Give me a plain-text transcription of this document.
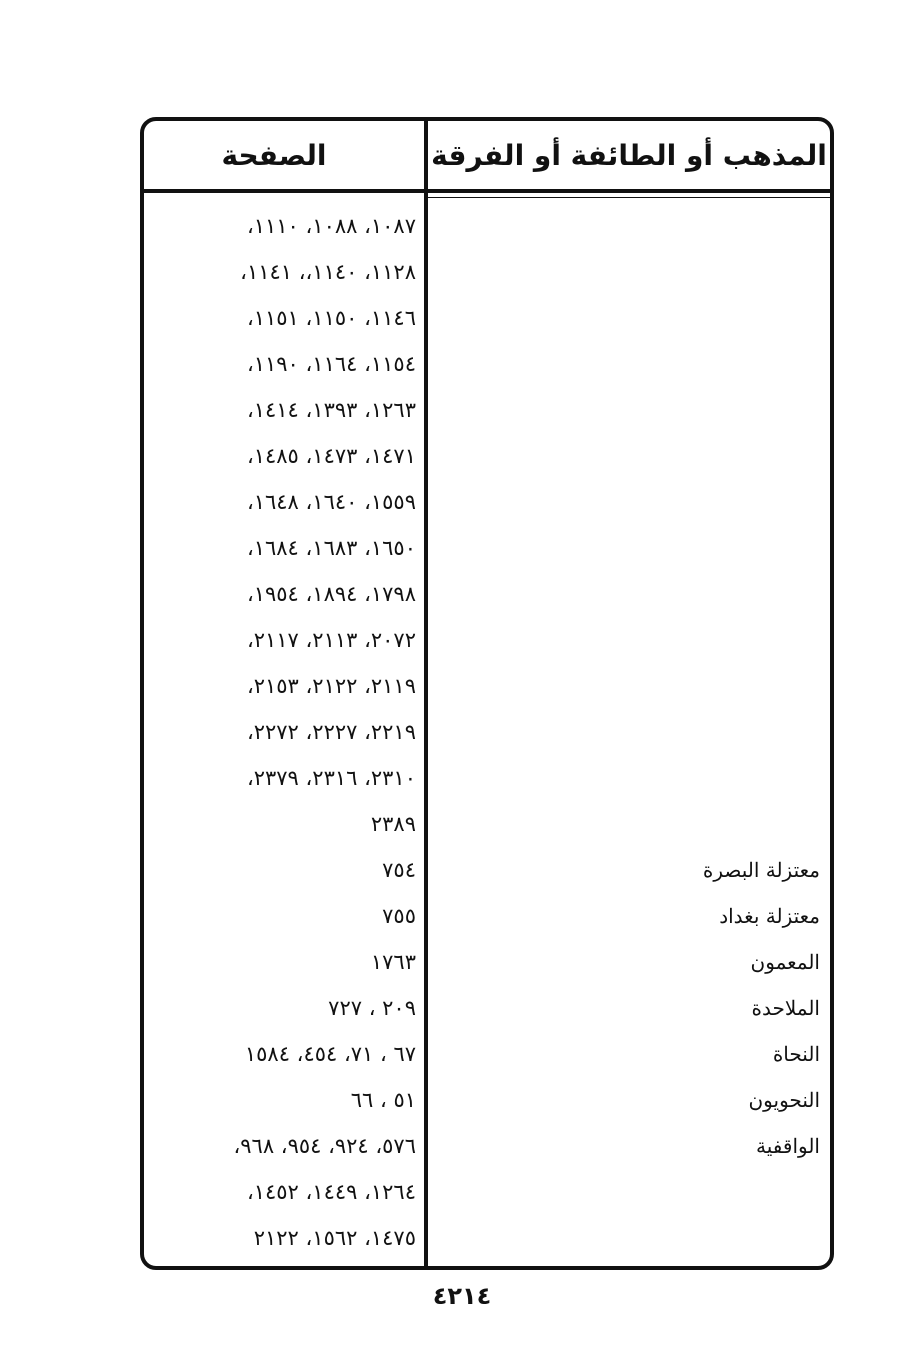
المذهب أو الطائفة أو الفرقة
الصفحة
١٠٨٧، ١٠٨٨، ١١١٠،
١١٢٨، ١١٤٠،، ١١٤١،
١١٤٦، ١١٥٠، ١١٥١،
١١٥٤، ١١٦٤، ١١٩٠،
١٢٦٣، ١٣٩٣، ١٤١٤،
١٤٧١، ١٤٧٣، ١٤٨٥،
١٥٥٩، ١٦٤٠، ١٦٤٨،
١٦٥٠، ١٦٨٣، ١٦٨٤،
١٧٩٨، ١٨٩٤، ١٩٥٤،
٢٠٧٢، ٢١١٣، ٢١١٧،
٢١١٩، ٢١٢٢، ٢١٥٣،
٢٢١٩، ٢٢٢٧، ٢٢٧٢،
٢٣١٠، ٢٣١٦، ٢٣٧٩،
٢٣٨٩
معتزلة البصرة
٧٥٤
معتزلة بغداد
٧٥٥
المعمون
١٧٦٣
الملاحدة
٢٠٩ ، ٧٢٧
النحاة
٦٧ ، ٧١، ٤٥٤، ١٥٨٤
النحويون
٥١ ، ٦٦
الواقفية
٥٧٦، ٩٢٤، ٩٥٤، ٩٦٨،
١٢٦٤، ١٤٤٩، ١٤٥٢،
١٤٧٥، ١٥٦٢، ٢١٢٢
٤٢١٤
